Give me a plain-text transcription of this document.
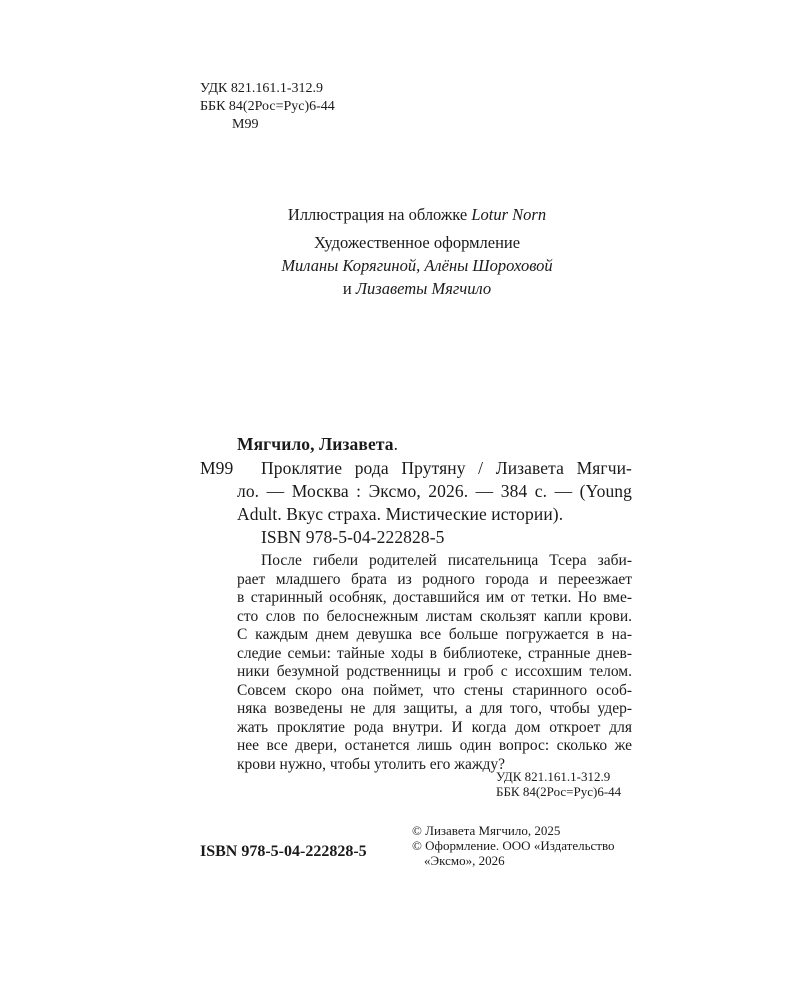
УДК 821.161.1-312.9
ББК 84(2Рос=Рус)6-44
М99
Иллюстрация на обложке Lotur Norn
Художественное оформление
Миланы Корягиной, Алёны Шороховой
и Лизаветы Мягчило
Мягчило, Лизавета.
М99 Проклятие рода Прутяну / Лизавета Мягчи-
ло. — Москва : Эксмо, 2026. — 384 с. — (Young
Adult. Вкус страха. Мистические истории).
ISBN 978-5-04-222828-5
После гибели родителей писательница Тсера заби-
рает младшего брата из родного города и переезжает
в старинный особняк, доставшийся им от тетки. Но вме-
сто слов по белоснежным листам скользят капли крови.
С каждым днем девушка все больше погружается в на-
следие семьи: тайные ходы в библиотеке, странные днев-
ники безумной родственницы и гроб с иссохшим телом.
Совсем скоро она поймет, что стены старинного особ-
няка возведены не для защиты, а для того, чтобы удер-
жать проклятие рода внутри. И когда дом откроет для
нее все двери, останется лишь один вопрос: сколько же
крови нужно, чтобы утолить его жажду?
УДК 821.161.1-312.9
ББК 84(2Рос=Рус)6-44
© Лизавета Мягчило, 2025
© Оформление. ООО «Издательство
«Эксмо», 2026
ISBN 978-5-04-222828-5
